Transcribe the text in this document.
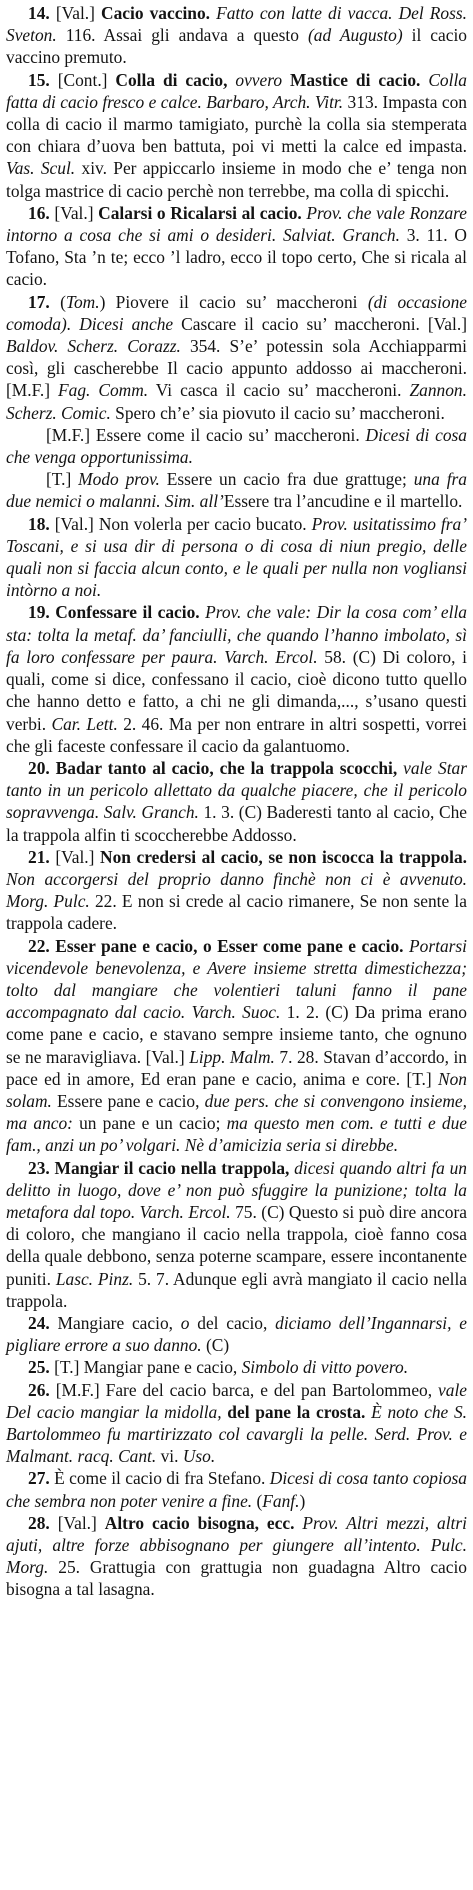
14. [Val.] Cacio vaccino. Fatto con latte di vacca. Del Ross. Sveton. 116. Assai gli andava a questo (ad Augusto) il cacio vaccino premuto.

15. [Cont.] Colla di cacio, ovvero Mastice di cacio. Colla fatta di cacio fresco e calce. Barbaro, Arch. Vitr. 313. Impasta con colla di cacio il marmo tamigiato, purchè la colla sia stemperata con chiara d’uova ben battuta, poi vi metti la calce ed impasta. Vas. Scul. xiv. Per appiccarlo insieme in modo che e’ tenga non tolga mastrice di cacio perchè non terrebbe, ma colla di spicchi.

16. [Val.] Calarsi o Ricalarsi al cacio. Prov. che vale Ronzare intorno a cosa che si ami o desideri. Salviat. Granch. 3. 11. O Tofano, Sta ’n te; ecco ’l ladro, ecco il topo certo, Che si ricala al cacio.

17. (Tom.) Piovere il cacio su’ maccheroni (di occasione comoda). Dicesi anche Cascare il cacio su’ maccheroni. [Val.] Baldov. Scherz. Corazz. 354. S’e’ potessin sola Acchiapparmi così, gli cascherebbe Il cacio appunto addosso ai maccheroni. [M.F.] Fag. Comm. Vi casca il cacio su’ maccheroni. Zannon. Scherz. Comic. Spero ch’e’ sia piovuto il cacio su’ maccheroni.

[M.F.] Essere come il cacio su’ maccheroni. Dicesi di cosa che venga opportunissima.

[T.] Modo prov. Essere un cacio fra due grattuge; una fra due nemici o malanni. Sim. all’Essere tra l’ancudine e il martello.

18. [Val.] Non volerla per cacio bucato. Prov. usitatissimo fra’ Toscani, e si usa dir di persona o di cosa di niun pregio, delle quali non si faccia alcun conto, e le quali per nulla non vogliansi intòrno a noi.

19. Confessare il cacio. Prov. che vale: Dir la cosa com’ ella sta: tolta la metaf. da’ fanciulli, che quando l’hanno imbolato, sì fa loro confessare per paura. Varch. Ercol. 58. (C) Di coloro, i quali, come si dice, confessano il cacio, cioè dicono tutto quello che hanno detto e fatto, a chi ne gli dimanda,..., s’usano questi verbi. Car. Lett. 2. 46. Ma per non entrare in altri sospetti, vorrei che gli faceste confessare il cacio da galantuomo.

20. Badar tanto al cacio, che la trappola scocchi, vale Star tanto in un pericolo allettato da qualche piacere, che il pericolo sopravvenga. Salv. Granch. 1. 3. (C) Baderesti tanto al cacio, Che la trappola alfin ti scoccherebbe Addosso.

21. [Val.] Non credersi al cacio, se non iscocca la trappola. Non accorgersi del proprio danno finchè non ci è avvenuto. Morg. Pulc. 22. E non si crede al cacio rimanere, Se non sente la trappola cadere.

22. Esser pane e cacio, o Esser come pane e cacio. Portarsi vicendevole benevolenza, e Avere insieme stretta dimestichezza; tolto dal mangiare che volentieri taluni fanno il pane accompagnato dal cacio. Varch. Suoc. 1. 2. (C) Da prima erano come pane e cacio, e stavano sempre insieme tanto, che ognuno se ne maravigliava. [Val.] Lipp. Malm. 7. 28. Stavan d’accordo, in pace ed in amore, Ed eran pane e cacio, anima e core. [T.] Non solam. Essere pane e cacio, due pers. che si convengono insieme, ma anco: un pane e un cacio; ma questo men com. e tutti e due fam., anzi un po’ volgari. Nè d’amicizia seria si direbbe.

23. Mangiar il cacio nella trappola, dicesi quando altri fa un delitto in luogo, dove e’ non può sfuggire la punizione; tolta la metafora dal topo. Varch. Ercol. 75. (C) Questo si può dire ancora di coloro, che mangiano il cacio nella trappola, cioè fanno cosa della quale debbono, senza poterne scampare, essere incontanente puniti. Lasc. Pinz. 5. 7. Adunque egli avrà mangiato il cacio nella trappola.

24. Mangiare cacio, o del cacio, diciamo dell’Ingannarsi, e pigliare errore a suo danno. (C)

25. [T.] Mangiar pane e cacio, Simbolo di vitto povero.

26. [M.F.] Fare del cacio barca, e del pan Bartolommeo, vale Del cacio mangiar la midolla, del pane la crosta. È noto che S. Bartolommeo fu martirizzato col cavargli la pelle. Serd. Prov. e Malmant. racq. Cant. vi. Uso.

27. È come il cacio di fra Stefano. Dicesi di cosa tanto copiosa che sembra non poter venire a fine. (Fanf.)

28. [Val.] Altro cacio bisogna, ecc. Prov. Altri mezzi, altri ajuti, altre forze abbisognano per giungere all’intento. Pulc. Morg. 25. Grattugia con grattugia non guadagna Altro cacio bisogna a tal lasagna.
